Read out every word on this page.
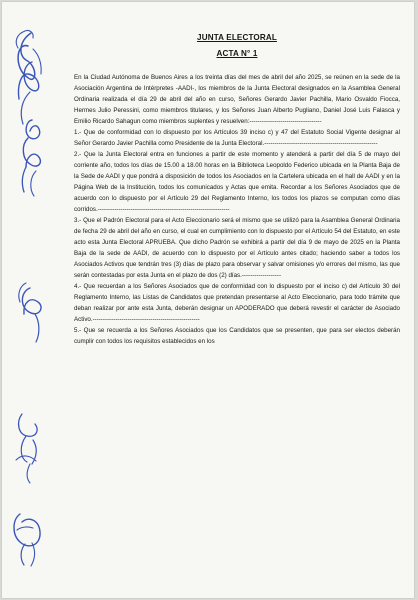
JUNTA ELECTORAL
ACTA N° 1

En la Ciudad Autónoma de Buenos Aires a los treinta días del mes de abril del año 2025, se reúnen en la sede de la Asociación Argentina de Intérpretes -AADI-, los miembros de la Junta Electoral designados en la Asamblea General Ordinaria realizada el día 29 de abril del año en curso, Señores Gerardo Javier Pachilla, Mario Osvaldo Fiocca, Hermes Julio Peressini, como miembros titulares, y los Señores Juan Alberto Pugliano, Daniel José Luis Falasca y Emilio Ricardo Sahagun como miembros suplentes y resuelven:-----------------------------------

1.- Que de conformidad con lo dispuesto por los Artículos 39 inciso c) y 47 del Estatuto Social Vigente designar al Señor Gerardo Javier Pachilla como Presidente de la Junta Electoral.-------------------------------------------------------

2.- Que la Junta Electoral entra en funciones a partir de este momento y atenderá a partir del día 5 de mayo del corriente año, todos los días de 15.00 a 18.00 horas en la Biblioteca Leopoldo Federico ubicada en la Planta Baja de la Sede de AADI y que pondrá a disposición de todos los Asociados en la Cartelera ubicada en el hall de AADI y en la Página Web de la Institución, todos los comunicados y Actas que emita. Recordar a los Señores Asociados que de acuerdo con lo dispuesto por el Artículo 29 del Reglamento Interno, los todos los plazos se computan como días corridos.----------------------------------------------------------------

3.- Que el Padrón Electoral para el Acto Eleccionario será el mismo que se utilizó para la Asamblea General Ordinaria de fecha 29 de abril del año en curso, el cual en cumplimiento con lo dispuesto por el Artículo 54 del Estatuto, en este acto esta Junta Electoral APRUEBA. Que dicho Padrón se exhibirá a partir del día 9 de mayo de 2025 en la Planta Baja de la sede de AADI, de acuerdo con lo dispuesto por el Artículo antes citado; haciendo saber a todos los Asociados Activos que tendrán tres (3) días de plazo para observar y salvar omisiones y/o errores del mismo, las que serán contestadas por esta Junta en el plazo de dos (2) días.-------------------

4.- Que recuerdan a los Señores Asociados que de conformidad con lo dispuesto por el inciso c) del Artículo 30 del Reglamento Interno, las Listas de Candidatos que pretendan presentarse al Acto Eleccionario, para todo trámite que deban realizar por ante esta Junta, deberán designar un APODERADO que deberá revestir el carácter de Asociado Activo.----------------------------------------------------

5.- Que se recuerda a los Señores Asociados que los Candidatos que se presenten, que para ser electos deberán cumplir con todos los requisitos establecidos en los
